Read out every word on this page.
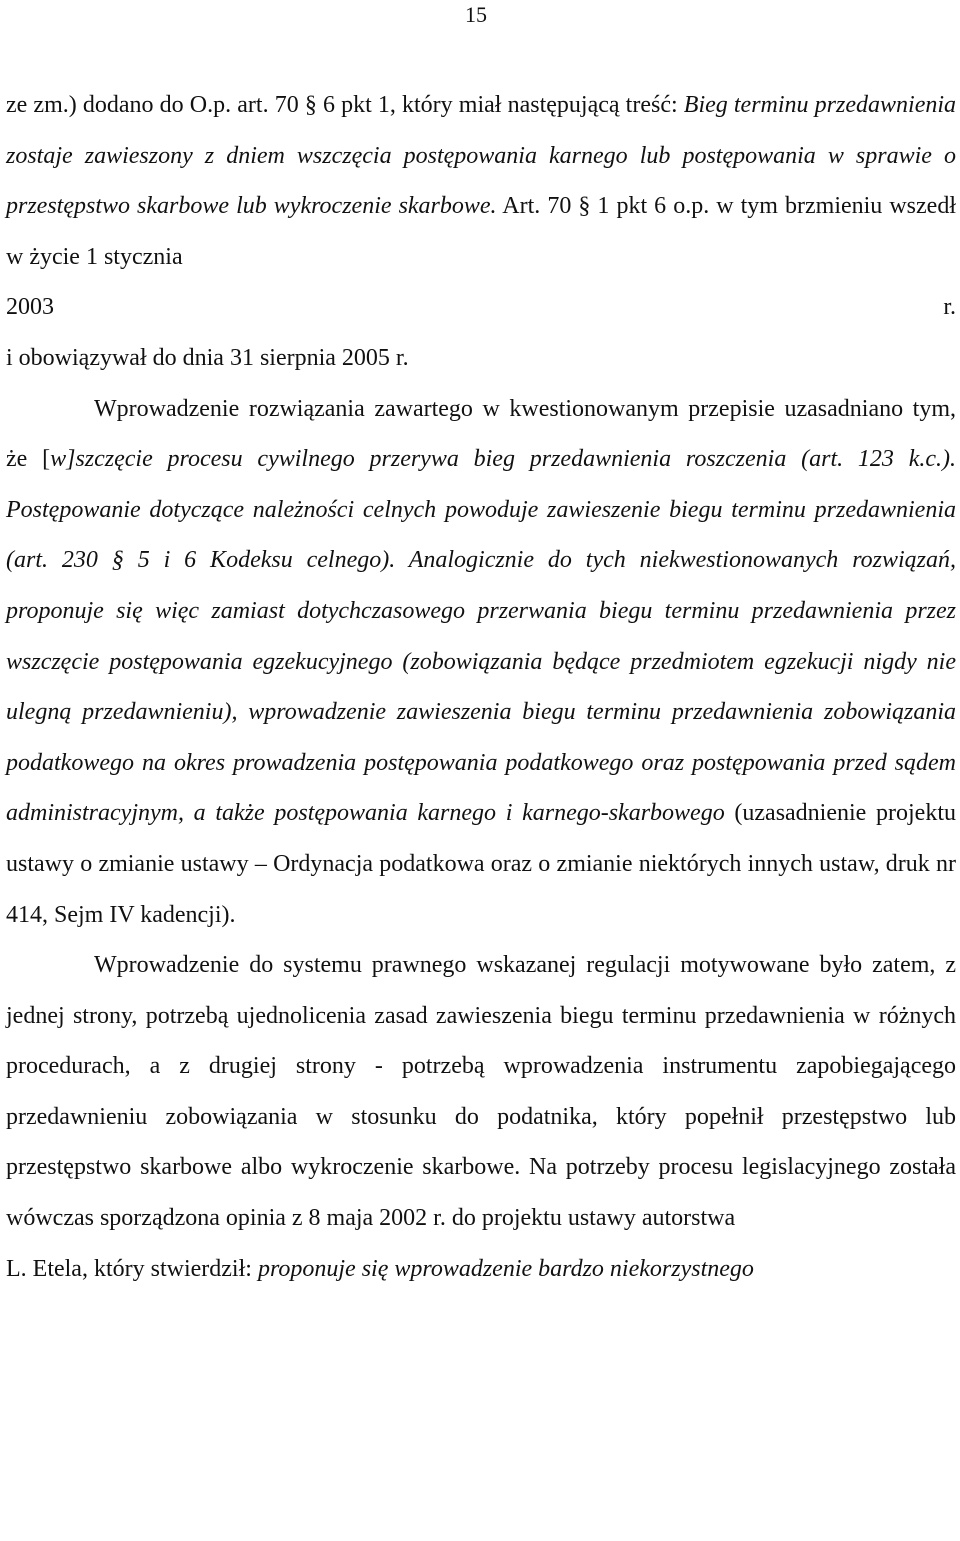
15

ze zm.) dodano do O.p. art. 70 § 6 pkt 1, który miał następującą treść: Bieg terminu przedawnienia zostaje zawieszony z dniem wszczęcia postępowania karnego lub postępowania w sprawie o przestępstwo skarbowe lub wykroczenie skarbowe. Art. 70 § 1 pkt 6 o.p. w tym brzmieniu wszedł w życie 1 stycznia

2003 r.

i obowiązywał do dnia 31 sierpnia 2005 r.

Wprowadzenie rozwiązania zawartego w kwestionowanym przepisie uzasadniano tym, że [w]szczęcie procesu cywilnego przerywa bieg przedawnienia roszczenia (art. 123 k.c.). Postępowanie dotyczące należności celnych powoduje zawieszenie biegu terminu przedawnienia (art. 230 § 5 i 6 Kodeksu celnego). Analogicznie do tych niekwestionowanych rozwiązań, proponuje się więc zamiast dotychczasowego przerwania biegu terminu przedawnienia przez wszczęcie postępowania egzekucyjnego (zobowiązania będące przedmiotem egzekucji nigdy nie ulegną przedawnieniu), wprowadzenie zawieszenia biegu terminu przedawnienia zobowiązania podatkowego na okres prowadzenia postępowania podatkowego oraz postępowania przed sądem administracyjnym, a także postępowania karnego i karnego-skarbowego (uzasadnienie projektu ustawy o zmianie ustawy – Ordynacja podatkowa oraz o zmianie niektórych innych ustaw, druk nr 414, Sejm IV kadencji).

Wprowadzenie do systemu prawnego wskazanej regulacji motywowane było zatem, z jednej strony, potrzebą ujednolicenia zasad zawieszenia biegu terminu przedawnienia w różnych procedurach, a z drugiej strony - potrzebą wprowadzenia instrumentu zapobiegającego przedawnieniu zobowiązania w stosunku do podatnika, który popełnił przestępstwo lub przestępstwo skarbowe albo wykroczenie skarbowe. Na potrzeby procesu legislacyjnego została wówczas sporządzona opinia z 8 maja 2002 r. do projektu ustawy autorstwa

L. Etela, który stwierdził: proponuje się wprowadzenie bardzo niekorzystnego
